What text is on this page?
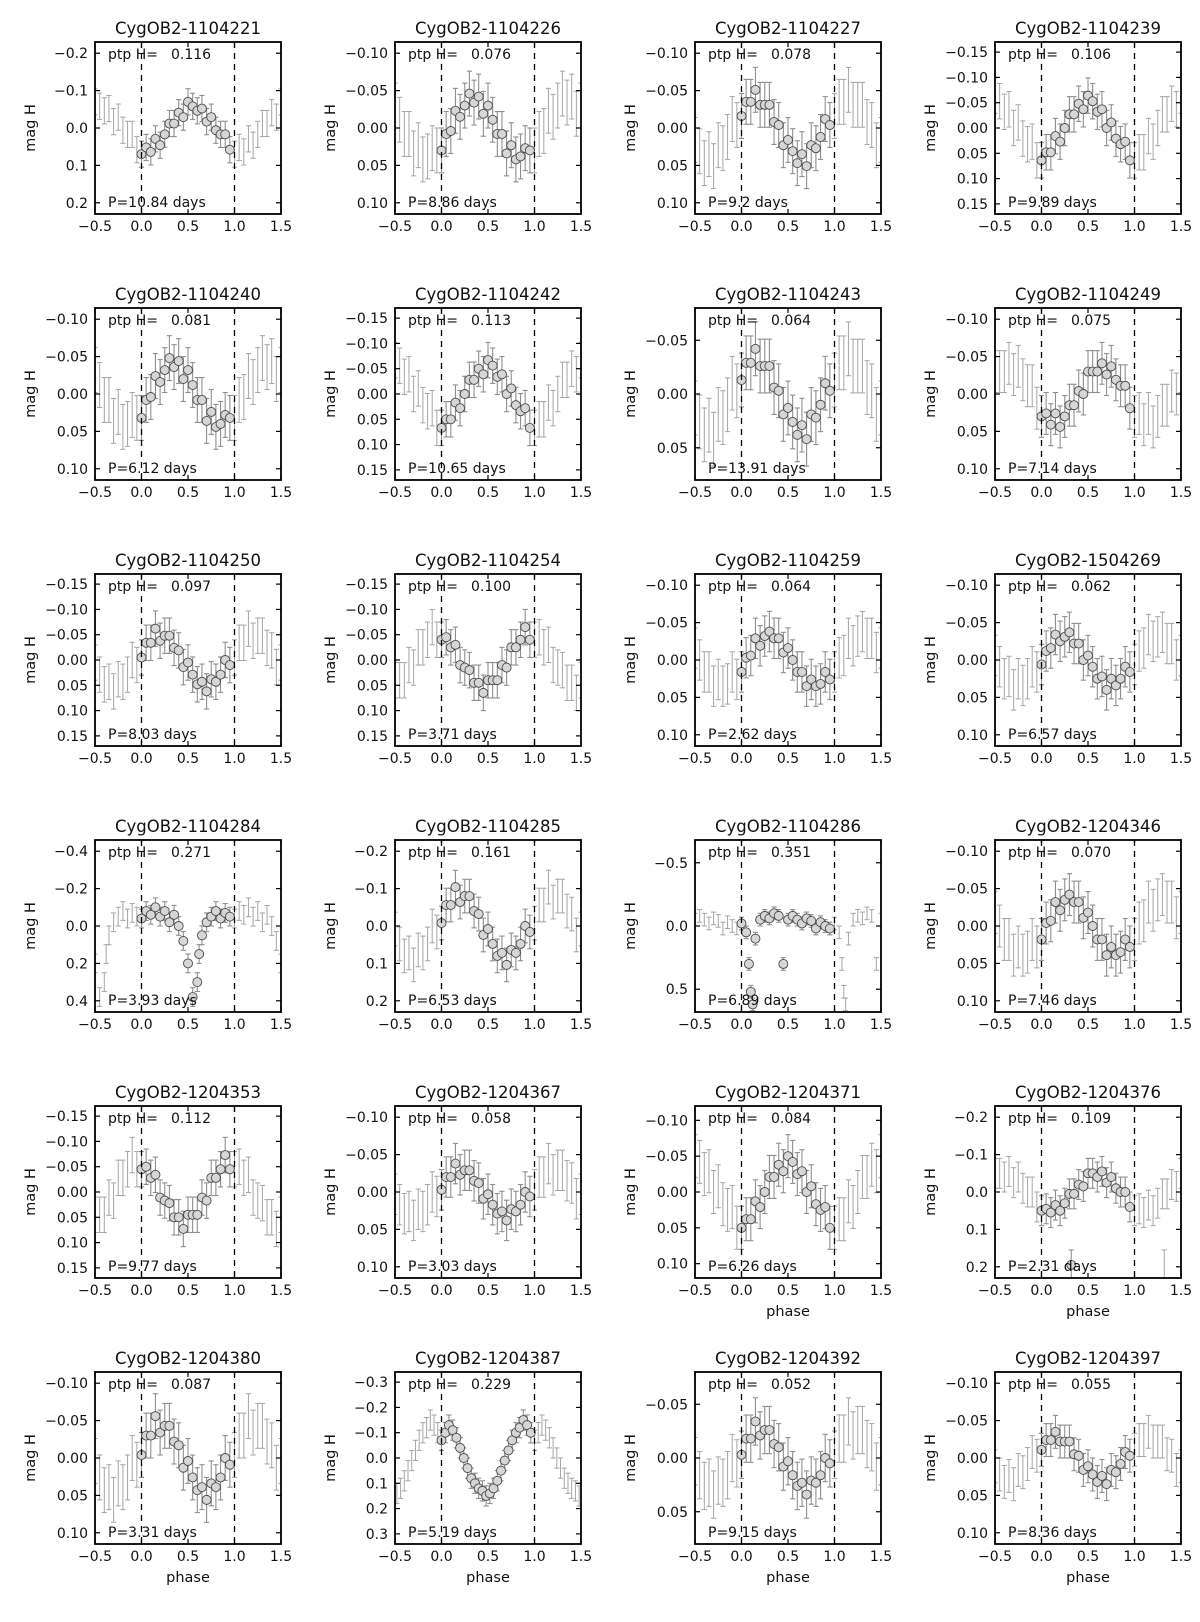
−0.2
−0.1
0.0
0.1
0.2
−0.5 0.0 0.5 1.0 1.5
CygOB2-1104221
ptp H= 0.116
P=10.84 days
mag H
−0.10
−0.05
0.00
0.05
0.10
−0.5 0.0 0.5 1.0 1.5
CygOB2-1104226
ptp H= 0.076
P=8.86 days
mag H
−0.10
−0.05
0.00
0.05
0.10
−0.5 0.0 0.5 1.0 1.5
CygOB2-1104227
ptp H= 0.078
P=9.2 days
mag H
−0.15
−0.10
−0.05
0.00
0.05
0.10
0.15
−0.5 0.0 0.5 1.0 1.5
CygOB2-1104239
ptp H= 0.106
P=9.89 days
mag H
−0.10
−0.05
0.00
0.05
0.10
−0.5 0.0 0.5 1.0 1.5
CygOB2-1104240
ptp H= 0.081
P=6.12 days
mag H
−0.15
−0.10
−0.05
0.00
0.05
0.10
0.15
−0.5 0.0 0.5 1.0 1.5
CygOB2-1104242
ptp H= 0.113
P=10.65 days
mag H
−0.05
0.00
0.05
−0.5 0.0 0.5 1.0 1.5
CygOB2-1104243
ptp H= 0.064
P=13.91 days
mag H
−0.10
−0.05
0.00
0.05
0.10
−0.5 0.0 0.5 1.0 1.5
CygOB2-1104249
ptp H= 0.075
P=7.14 days
mag H
−0.15
−0.10
−0.05
0.00
0.05
0.10
0.15
−0.5 0.0 0.5 1.0 1.5
CygOB2-1104250
ptp H= 0.097
P=8.03 days
mag H
−0.15
−0.10
−0.05
0.00
0.05
0.10
0.15
−0.5 0.0 0.5 1.0 1.5
CygOB2-1104254
ptp H= 0.100
P=3.71 days
mag H
−0.10
−0.05
0.00
0.05
0.10
−0.5 0.0 0.5 1.0 1.5
CygOB2-1104259
ptp H= 0.064
P=2.62 days
mag H
−0.10
−0.05
0.00
0.05
0.10
−0.5 0.0 0.5 1.0 1.5
CygOB2-1504269
ptp H= 0.062
P=6.57 days
mag H
−0.4
−0.2
0.0
0.2
0.4
−0.5 0.0 0.5 1.0 1.5
CygOB2-1104284
ptp H= 0.271
P=3.93 days
mag H
−0.2
−0.1
0.0
0.1
0.2
−0.5 0.0 0.5 1.0 1.5
CygOB2-1104285
ptp H= 0.161
P=6.53 days
mag H
−0.5
0.0
0.5
−0.5 0.0 0.5 1.0 1.5
CygOB2-1104286
ptp H= 0.351
P=6.89 days
mag H
−0.10
−0.05
0.00
0.05
0.10
−0.5 0.0 0.5 1.0 1.5
CygOB2-1204346
ptp H= 0.070
P=7.46 days
mag H
−0.15
−0.10
−0.05
0.00
0.05
0.10
0.15
−0.5 0.0 0.5 1.0 1.5
CygOB2-1204353
ptp H= 0.112
P=9.77 days
mag H
−0.10
−0.05
0.00
0.05
0.10
−0.5 0.0 0.5 1.0 1.5
CygOB2-1204367
ptp H= 0.058
P=3.03 days
mag H
−0.10
−0.05
0.00
0.05
0.10
−0.5 0.0 0.5 1.0 1.5
CygOB2-1204371
ptp H= 0.084
P=6.26 days
mag H
phase
−0.2
−0.1
0.0
0.1
0.2
−0.5 0.0 0.5 1.0 1.5
CygOB2-1204376
ptp H= 0.109
P=2.31 days
mag H
phase
−0.10
−0.05
0.00
0.05
0.10
−0.5 0.0 0.5 1.0 1.5
CygOB2-1204380
ptp H= 0.087
P=3.31 days
mag H
phase
−0.3
−0.2
−0.1
0.0
0.1
0.2
0.3
−0.5 0.0 0.5 1.0 1.5
CygOB2-1204387
ptp H= 0.229
P=5.19 days
mag H
phase
−0.05
0.00
0.05
−0.5 0.0 0.5 1.0 1.5
CygOB2-1204392
ptp H= 0.052
P=9.15 days
mag H
phase
−0.10
−0.05
0.00
0.05
0.10
−0.5 0.0 0.5 1.0 1.5
CygOB2-1204397
ptp H= 0.055
P=8.36 days
mag H
phase
